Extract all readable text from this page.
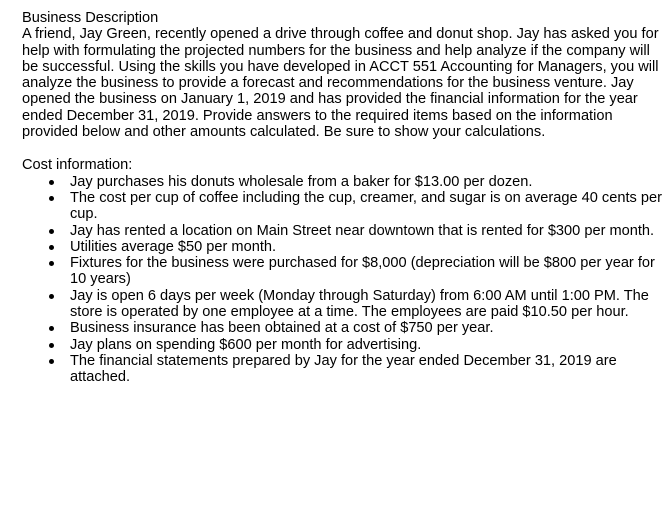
Business Description

A friend, Jay Green, recently opened a drive through coffee and donut shop. Jay has asked you for help with formulating the projected numbers for the business and help analyze if the company will be successful. Using the skills you have developed in ACCT 551 Accounting for Managers, you will analyze the business to provide a forecast and recommendations for the business venture. Jay opened the business on January 1, 2019 and has provided the financial information for the year ended December 31, 2019. Provide answers to the required items based on the information provided below and other amounts calculated. Be sure to show your calculations.

Cost information:

Jay purchases his donuts wholesale from a baker for $13.00 per dozen.
The cost per cup of coffee including the cup, creamer, and sugar is on average 40 cents per cup.
Jay has rented a location on Main Street near downtown that is rented for $300 per month.
Utilities average $50 per month.
Fixtures for the business were purchased for $8,000 (depreciation will be $800 per year for 10 years)
Jay is open 6 days per week (Monday through Saturday) from 6:00 AM until 1:00 PM. The store is operated by one employee at a time. The employees are paid $10.50 per hour.
Business insurance has been obtained at a cost of $750 per year.
Jay plans on spending $600 per month for advertising.
The financial statements prepared by Jay for the year ended December 31, 2019 are attached.
